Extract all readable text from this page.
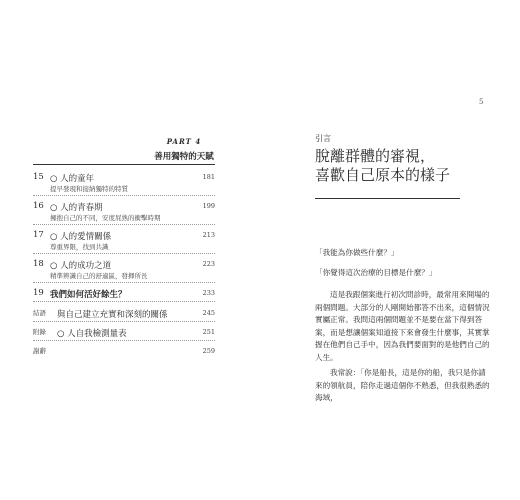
5
PART 4
善用獨特的天賦
15 ○ 人的童年	181
提早發現和接納獨特的特質
16 ○ 人的青春期	199
擁抱自己的不同，安度屁熟的衝擊時期
17 ○ 人的愛情關係	213
尊重界限，找到共識
18 ○ 人的成功之道	223
精準辨識自己的舒適區，發揮所長
19 我們如何活好餘生？	233
結語 與自己建立充實和深刻的關係	245
附錄 ○ 人自我檢測量表	251
謝辭	259
引言
脫離群體的審視，
喜歡自己原本的樣子

「我能為你做些什麼？」

「你覺得這次治療的目標是什麼？」

這是我跟個案進行初次問診時，最常用來開場的兩個問題。大部分的人剛開始都答不出來，這個情況實屬正常。我問這兩個問題並不是要在當下得到答案，而是想讓個案知道接下來會發生什麼事，其實掌握在他們自己手中，因為我們要面對的是他們自己的人生。

我常說：「你是船長，這是你的船，我只是你請來的領航員，陪你走過這個你不熟悉，但我很熟悉的海域，
